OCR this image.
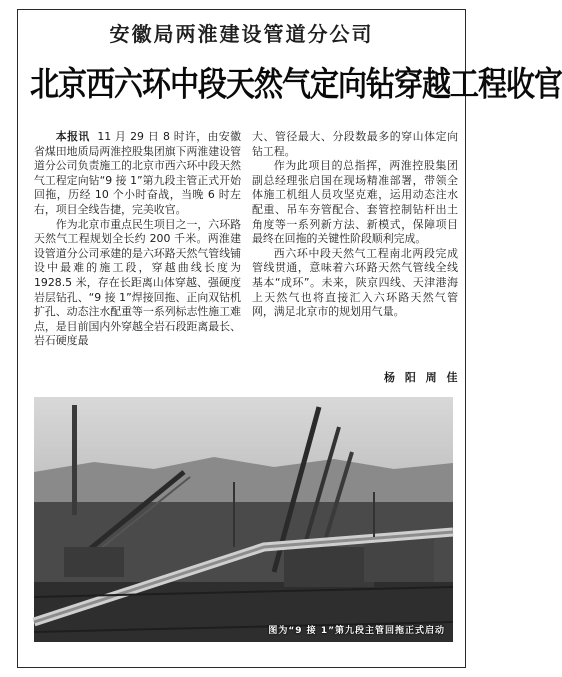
安徽局两淮建设管道分公司
北京西六环中段天然气定向钻穿越工程收官

本报讯 11 月 29 日 8 时许，由安徽省煤田地质局两淮控股集团旗下两淮建设管道分公司负责施工的北京市西六环中段天然气工程定向钻“9 接 1”第九段主管正式开始回拖，历经 10 个小时奋战，当晚 6 时左右，项目全线告捷，完美收官。

作为北京市重点民生项目之一，六环路天然气工程规划全长约 200 千米。两淮建设管道分公司承建的是六环路天然气管线铺设中最难的施工段，穿越曲线长度为 1928.5 米，存在长距离山体穿越、强硬度岩层钻孔、“9 接 1”焊接回拖、正向双钻机扩孔、动态注水配重等一系列标志性施工难点，是目前国内外穿越全岩石段距离最长、岩石硬度最

大、管径最大、分段数最多的穿山体定向钻工程。

作为此项目的总指挥，两淮控股集团副总经理张启国在现场精准部署，带领全体施工机组人员攻坚克难，运用动态注水配重、吊车夯管配合、套管控制钻杆出土角度等一系列新方法、新模式，保障项目最终在回拖的关键性阶段顺利完成。

西六环中段天然气工程南北两段完成管线贯通，意味着六环路天然气管线全线基本“成环”。未来，陕京四线、天津港海上天然气也将直接汇入六环路天然气管网，满足北京市的规划用气量。

杨 阳 周 佳
图为“9 接 1”第九段主管回拖正式启动
